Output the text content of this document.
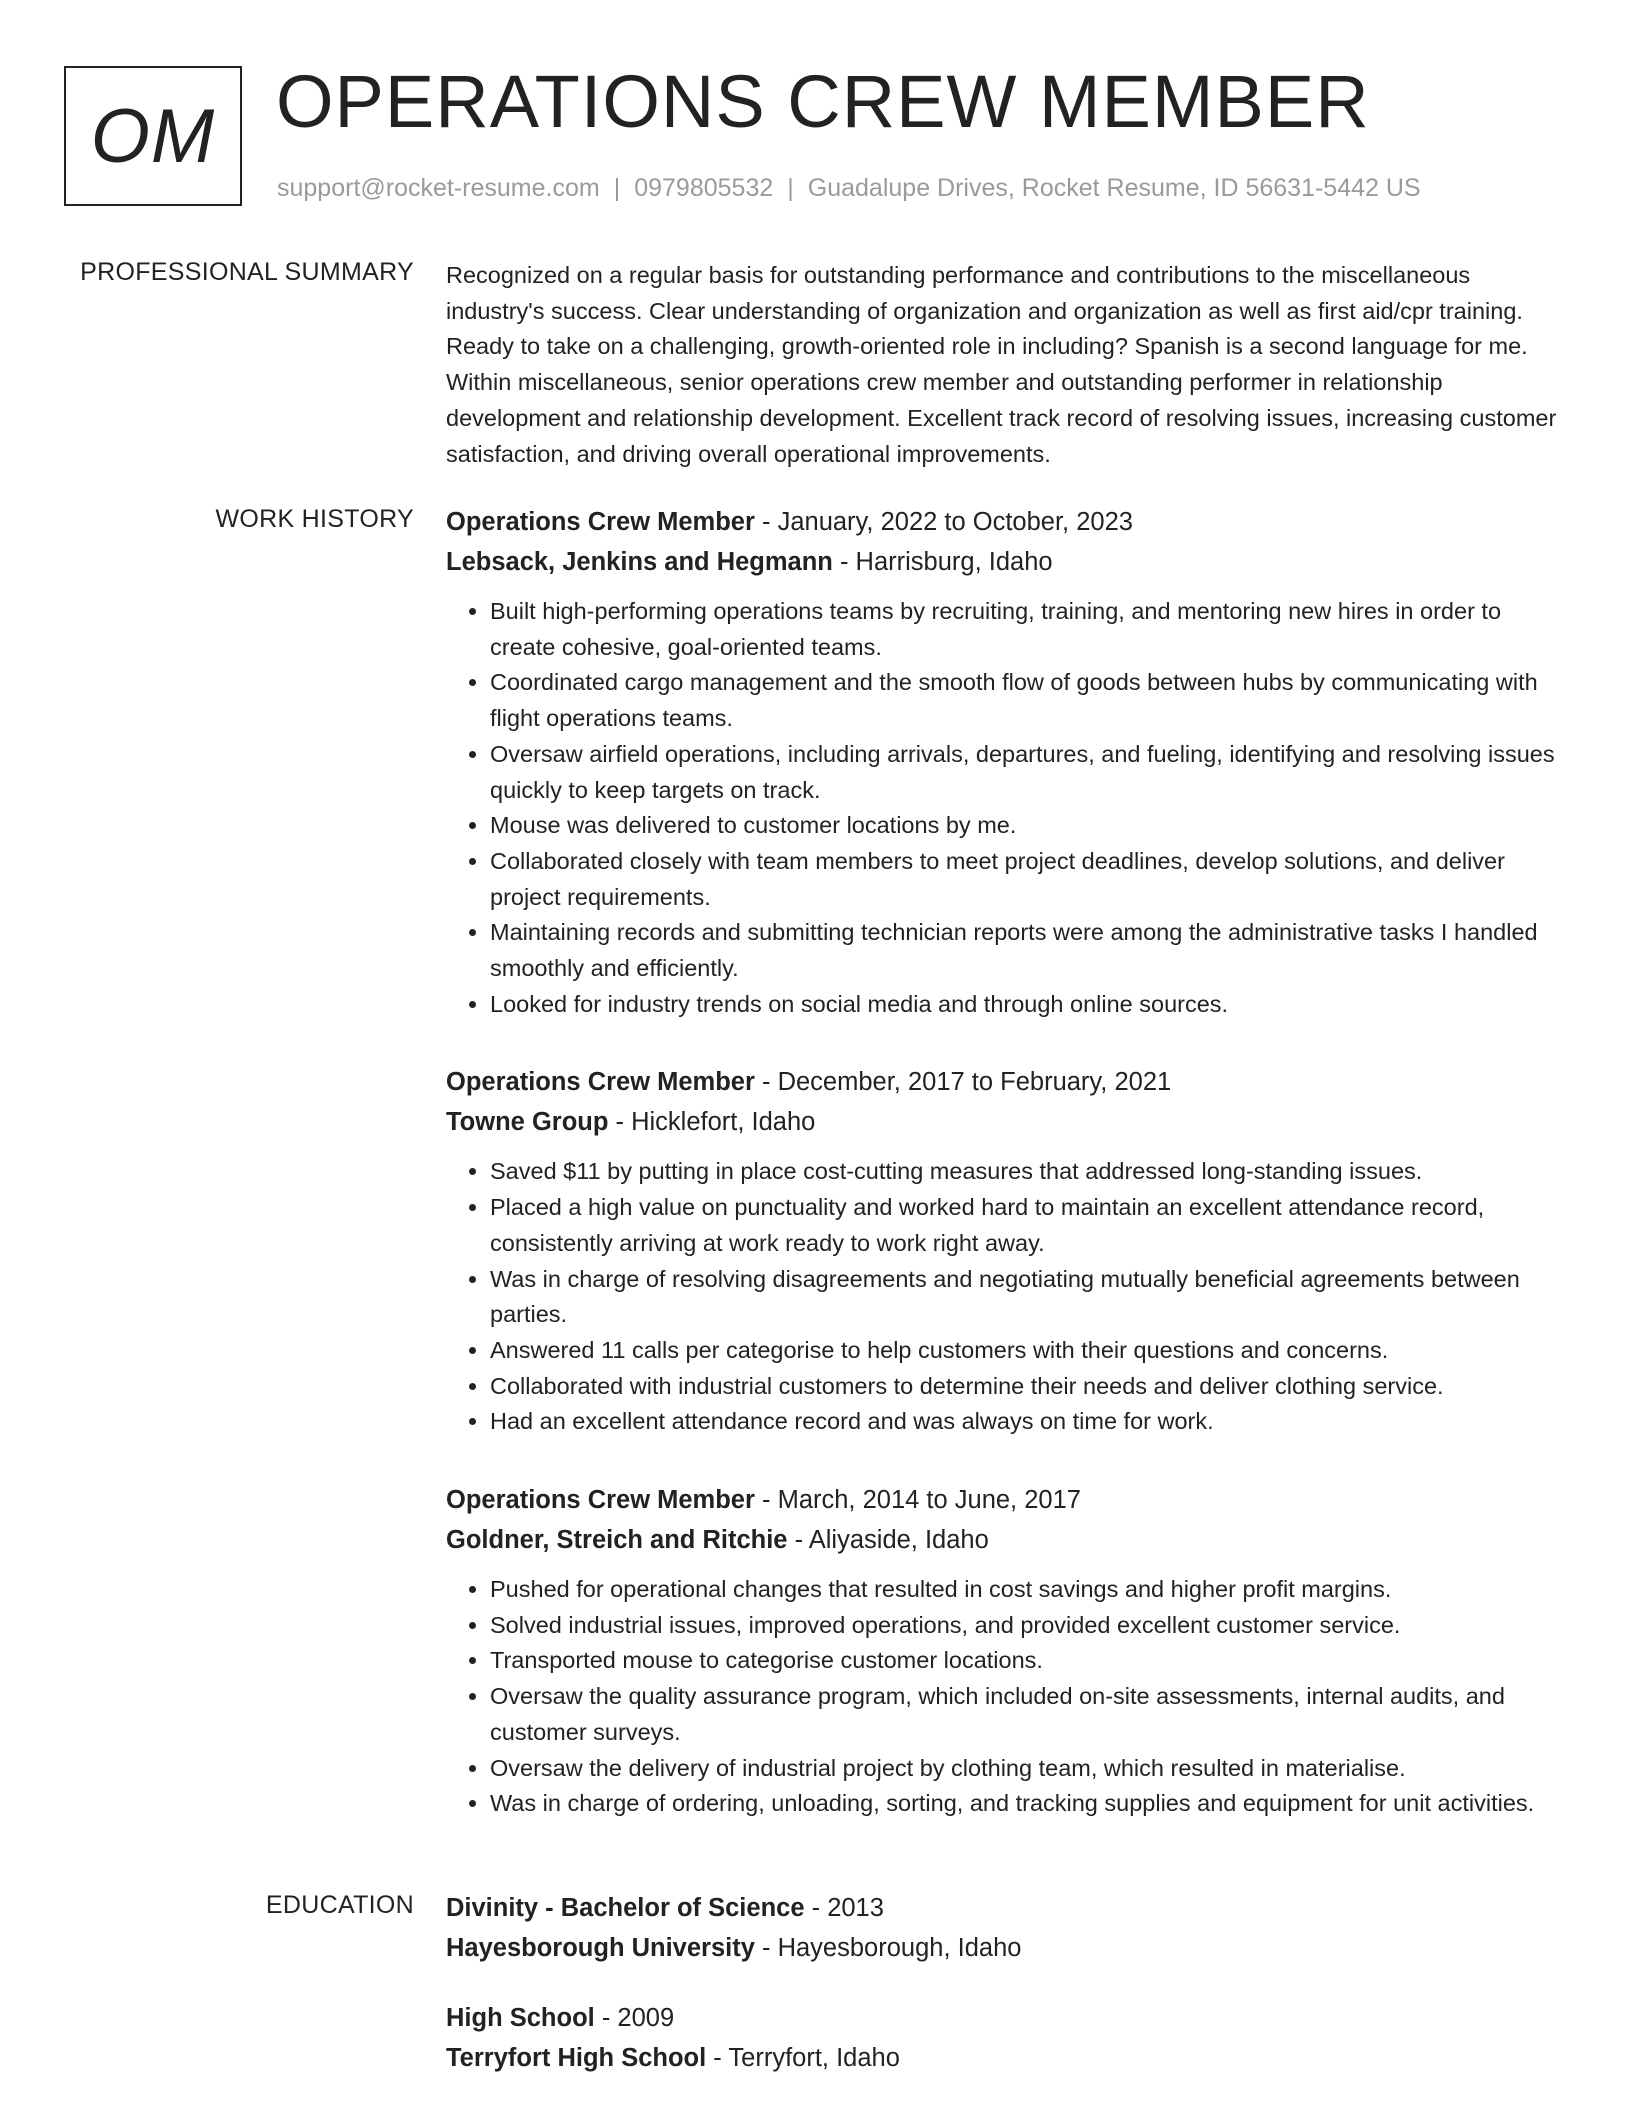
OM OPERATIONS CREW MEMBER
support@rocket-resume.com | 0979805532 | Guadalupe Drives, Rocket Resume, ID 56631-5442 US
PROFESSIONAL SUMMARY Recognized on a regular basis for outstanding performance and contributions to the miscellaneous industry's success. Clear understanding of organization and organization as well as first aid/cpr training. Ready to take on a challenging, growth-oriented role in including? Spanish is a second language for me. Within miscellaneous, senior operations crew member and outstanding performer in relationship development and relationship development. Excellent track record of resolving issues, increasing customer satisfaction, and driving overall operational improvements.

WORK HISTORY Operations Crew Member - January, 2022 to October, 2023
Lebsack, Jenkins and Hegmann - Harrisburg, Idaho
• Built high-performing operations teams by recruiting, training, and mentoring new hires in order to create cohesive, goal-oriented teams.
• Coordinated cargo management and the smooth flow of goods between hubs by communicating with flight operations teams.
• Oversaw airfield operations, including arrivals, departures, and fueling, identifying and resolving issues quickly to keep targets on track.
• Mouse was delivered to customer locations by me.
• Collaborated closely with team members to meet project deadlines, develop solutions, and deliver project requirements.
• Maintaining records and submitting technician reports were among the administrative tasks I handled smoothly and efficiently.
• Looked for industry trends on social media and through online sources.
Operations Crew Member - December, 2017 to February, 2021
Towne Group - Hicklefort, Idaho
• Saved $11 by putting in place cost-cutting measures that addressed long-standing issues.
• Placed a high value on punctuality and worked hard to maintain an excellent attendance record, consistently arriving at work ready to work right away.
• Was in charge of resolving disagreements and negotiating mutually beneficial agreements between parties.
• Answered 11 calls per categorise to help customers with their questions and concerns.
• Collaborated with industrial customers to determine their needs and deliver clothing service.
• Had an excellent attendance record and was always on time for work.
Operations Crew Member - March, 2014 to June, 2017
Goldner, Streich and Ritchie - Aliyaside, Idaho
• Pushed for operational changes that resulted in cost savings and higher profit margins.
• Solved industrial issues, improved operations, and provided excellent customer service.
• Transported mouse to categorise customer locations.
• Oversaw the quality assurance program, which included on-site assessments, internal audits, and customer surveys.
• Oversaw the delivery of industrial project by clothing team, which resulted in materialise.
• Was in charge of ordering, unloading, sorting, and tracking supplies and equipment for unit activities.
EDUCATION Divinity - Bachelor of Science - 2013
Hayesborough University - Hayesborough, Idaho
High School - 2009
Terryfort High School - Terryfort, Idaho
